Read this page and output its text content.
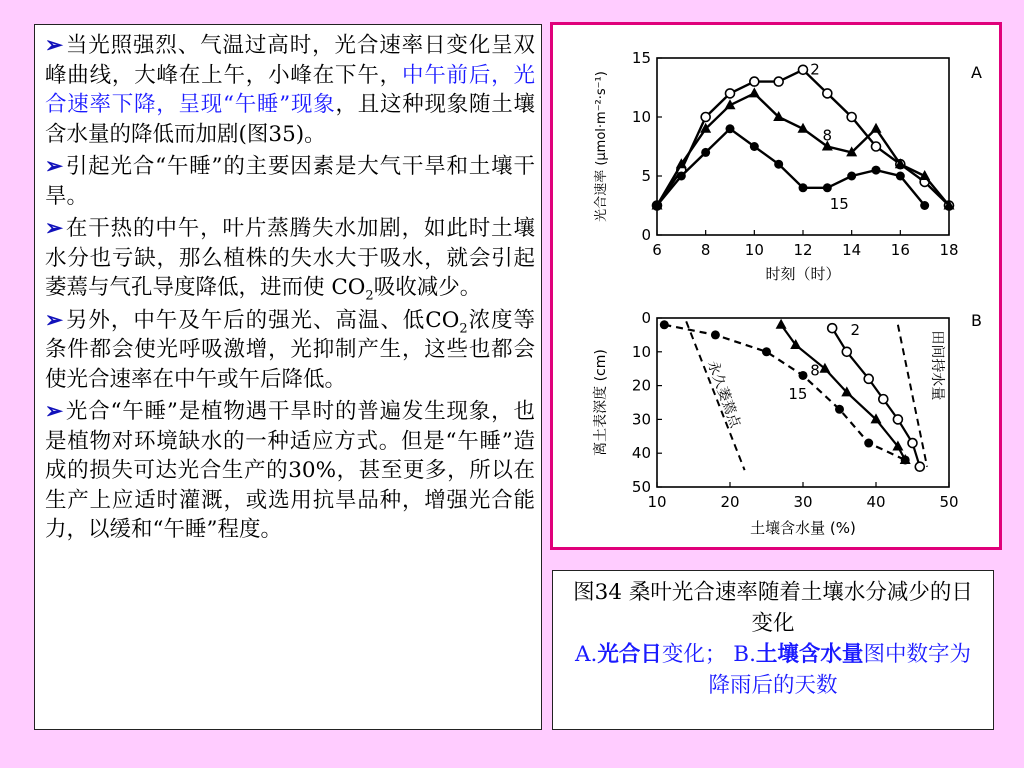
➢当光照强烈、气温过高时，光合速率日变化呈双峰曲线，大峰在上午，小峰在下午，中午前后，光合速率下降，呈现“午睡”现象，且这种现象随土壤含水量的降低而加剧(图35)。

➢引起光合“午睡”的主要因素是大气干旱和土壤干旱。

➢在干热的中午，叶片蒸腾失水加剧，如此时土壤水分也亏缺，那么植株的失水大于吸水，就会引起萎蔫与气孔导度降低，进而使 $CO_2$吸收减少。

➢另外，中午及午后的强光、高温、低$CO_2$浓度等条件都会使光呼吸激增，光抑制产生，这些也都会使光合速率在中午或午后降低。

➢光合“午睡”是植物遇干旱时的普遍发生现象，也是植物对环境缺水的一种适应方式。但是“午睡”造成的损失可达光合生产的30%，甚至更多，所以在生产上应适时灌溉，或选用抗旱品种，增强光合能力，以缓和“午睡”程度。

6	8 10 12 14 16 18
0
5
10
15
时刻（时）
光合速率 (μmol·m⁻²·s⁻¹)	A
2
8
15
10	20	30	40	50
0
10
20
30
40
50
土壤含水量 (%)
离土表深度 (cm)
B
2
8
15
永久萎蔫点	田间持水量
图34 桑叶光合速率随着土壤水分减少的日变化
A.光合日变化； B.土壤含水量图中数字为降雨后的天数
